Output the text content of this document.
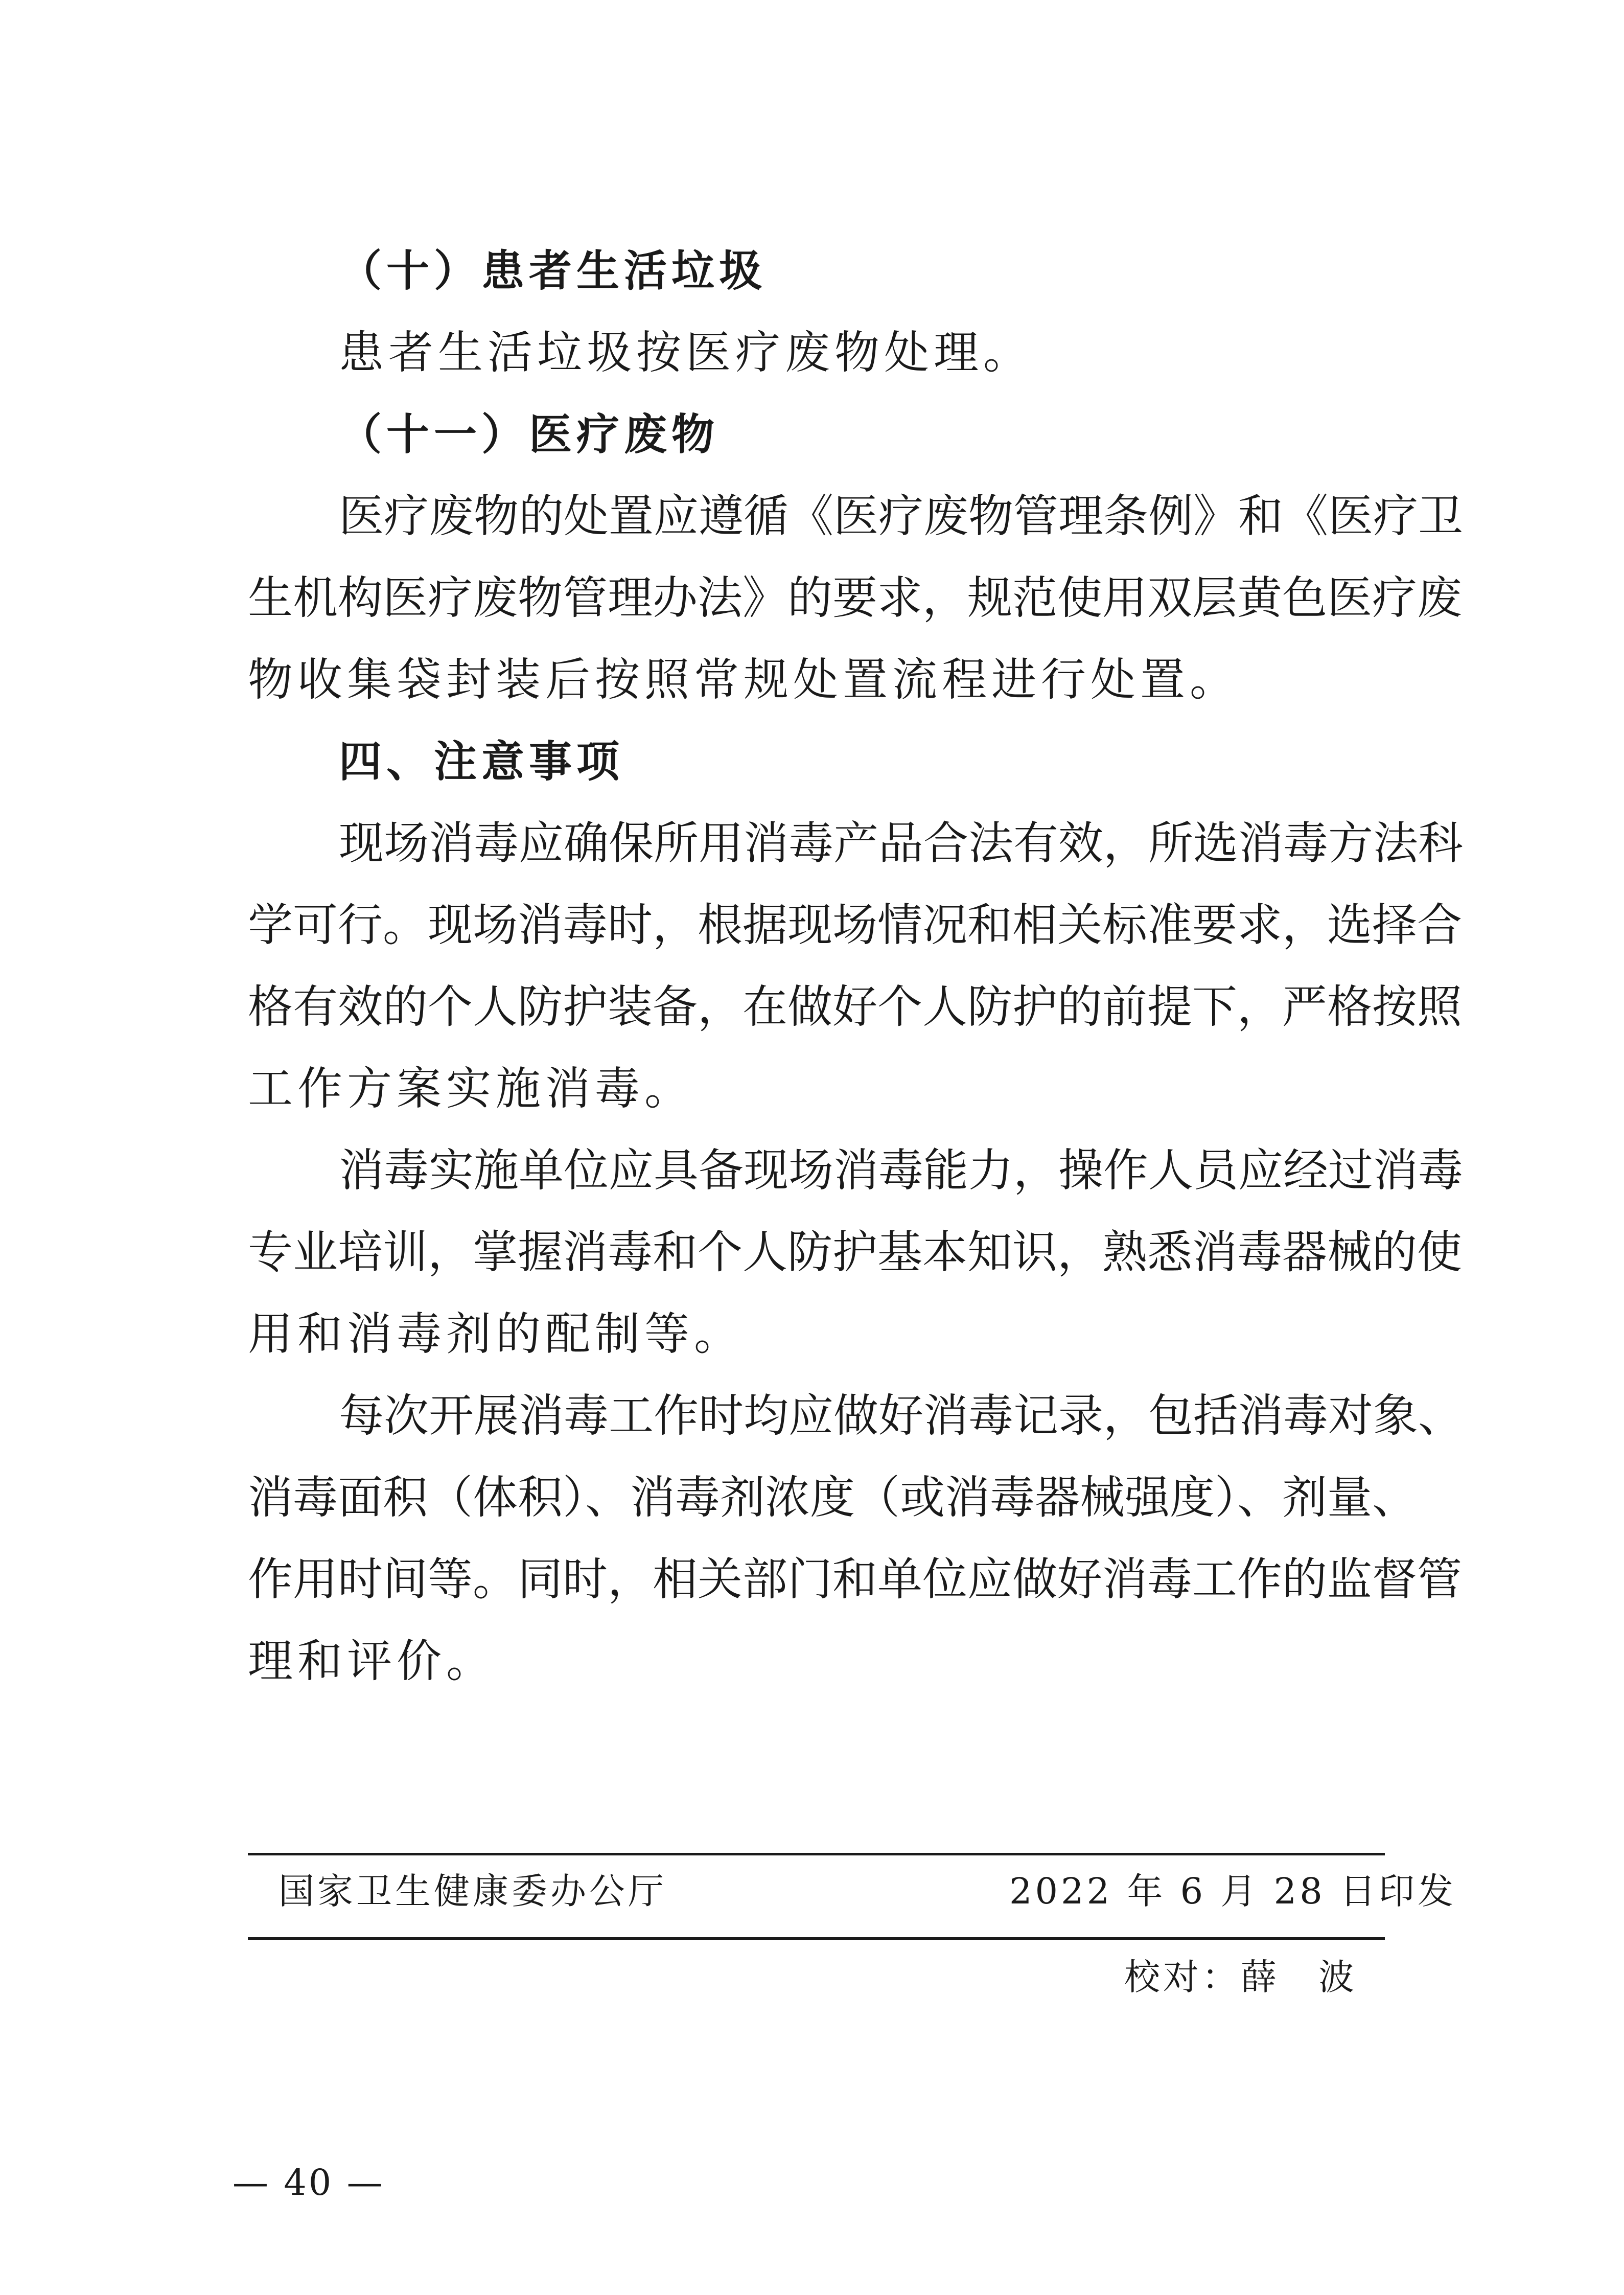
（十）患者生活垃圾
患者生活垃圾按医疗废物处理。
（十一）医疗废物
医疗废物的处置应遵循《医疗废物管理条例》和《医疗卫
生机构医疗废物管理办法》的要求，规范使用双层黄色医疗废
物收集袋封装后按照常规处置流程进行处置。
四、注意事项
现场消毒应确保所用消毒产品合法有效，所选消毒方法科
学可行。现场消毒时，根据现场情况和相关标准要求，选择合
格有效的个人防护装备，在做好个人防护的前提下，严格按照
工作方案实施消毒。
消毒实施单位应具备现场消毒能力，操作人员应经过消毒
专业培训，掌握消毒和个人防护基本知识，熟悉消毒器械的使
用和消毒剂的配制等。
每次开展消毒工作时均应做好消毒记录，包括消毒对象、
消毒面积（体积）、消毒剂浓度（或消毒器械强度）、剂量、
作用时间等。同时，相关部门和单位应做好消毒工作的监督管
理和评价。
国家卫生健康委办公厅	2022 年 6 月 28 日印发
校对：薛　波
— 40 —
